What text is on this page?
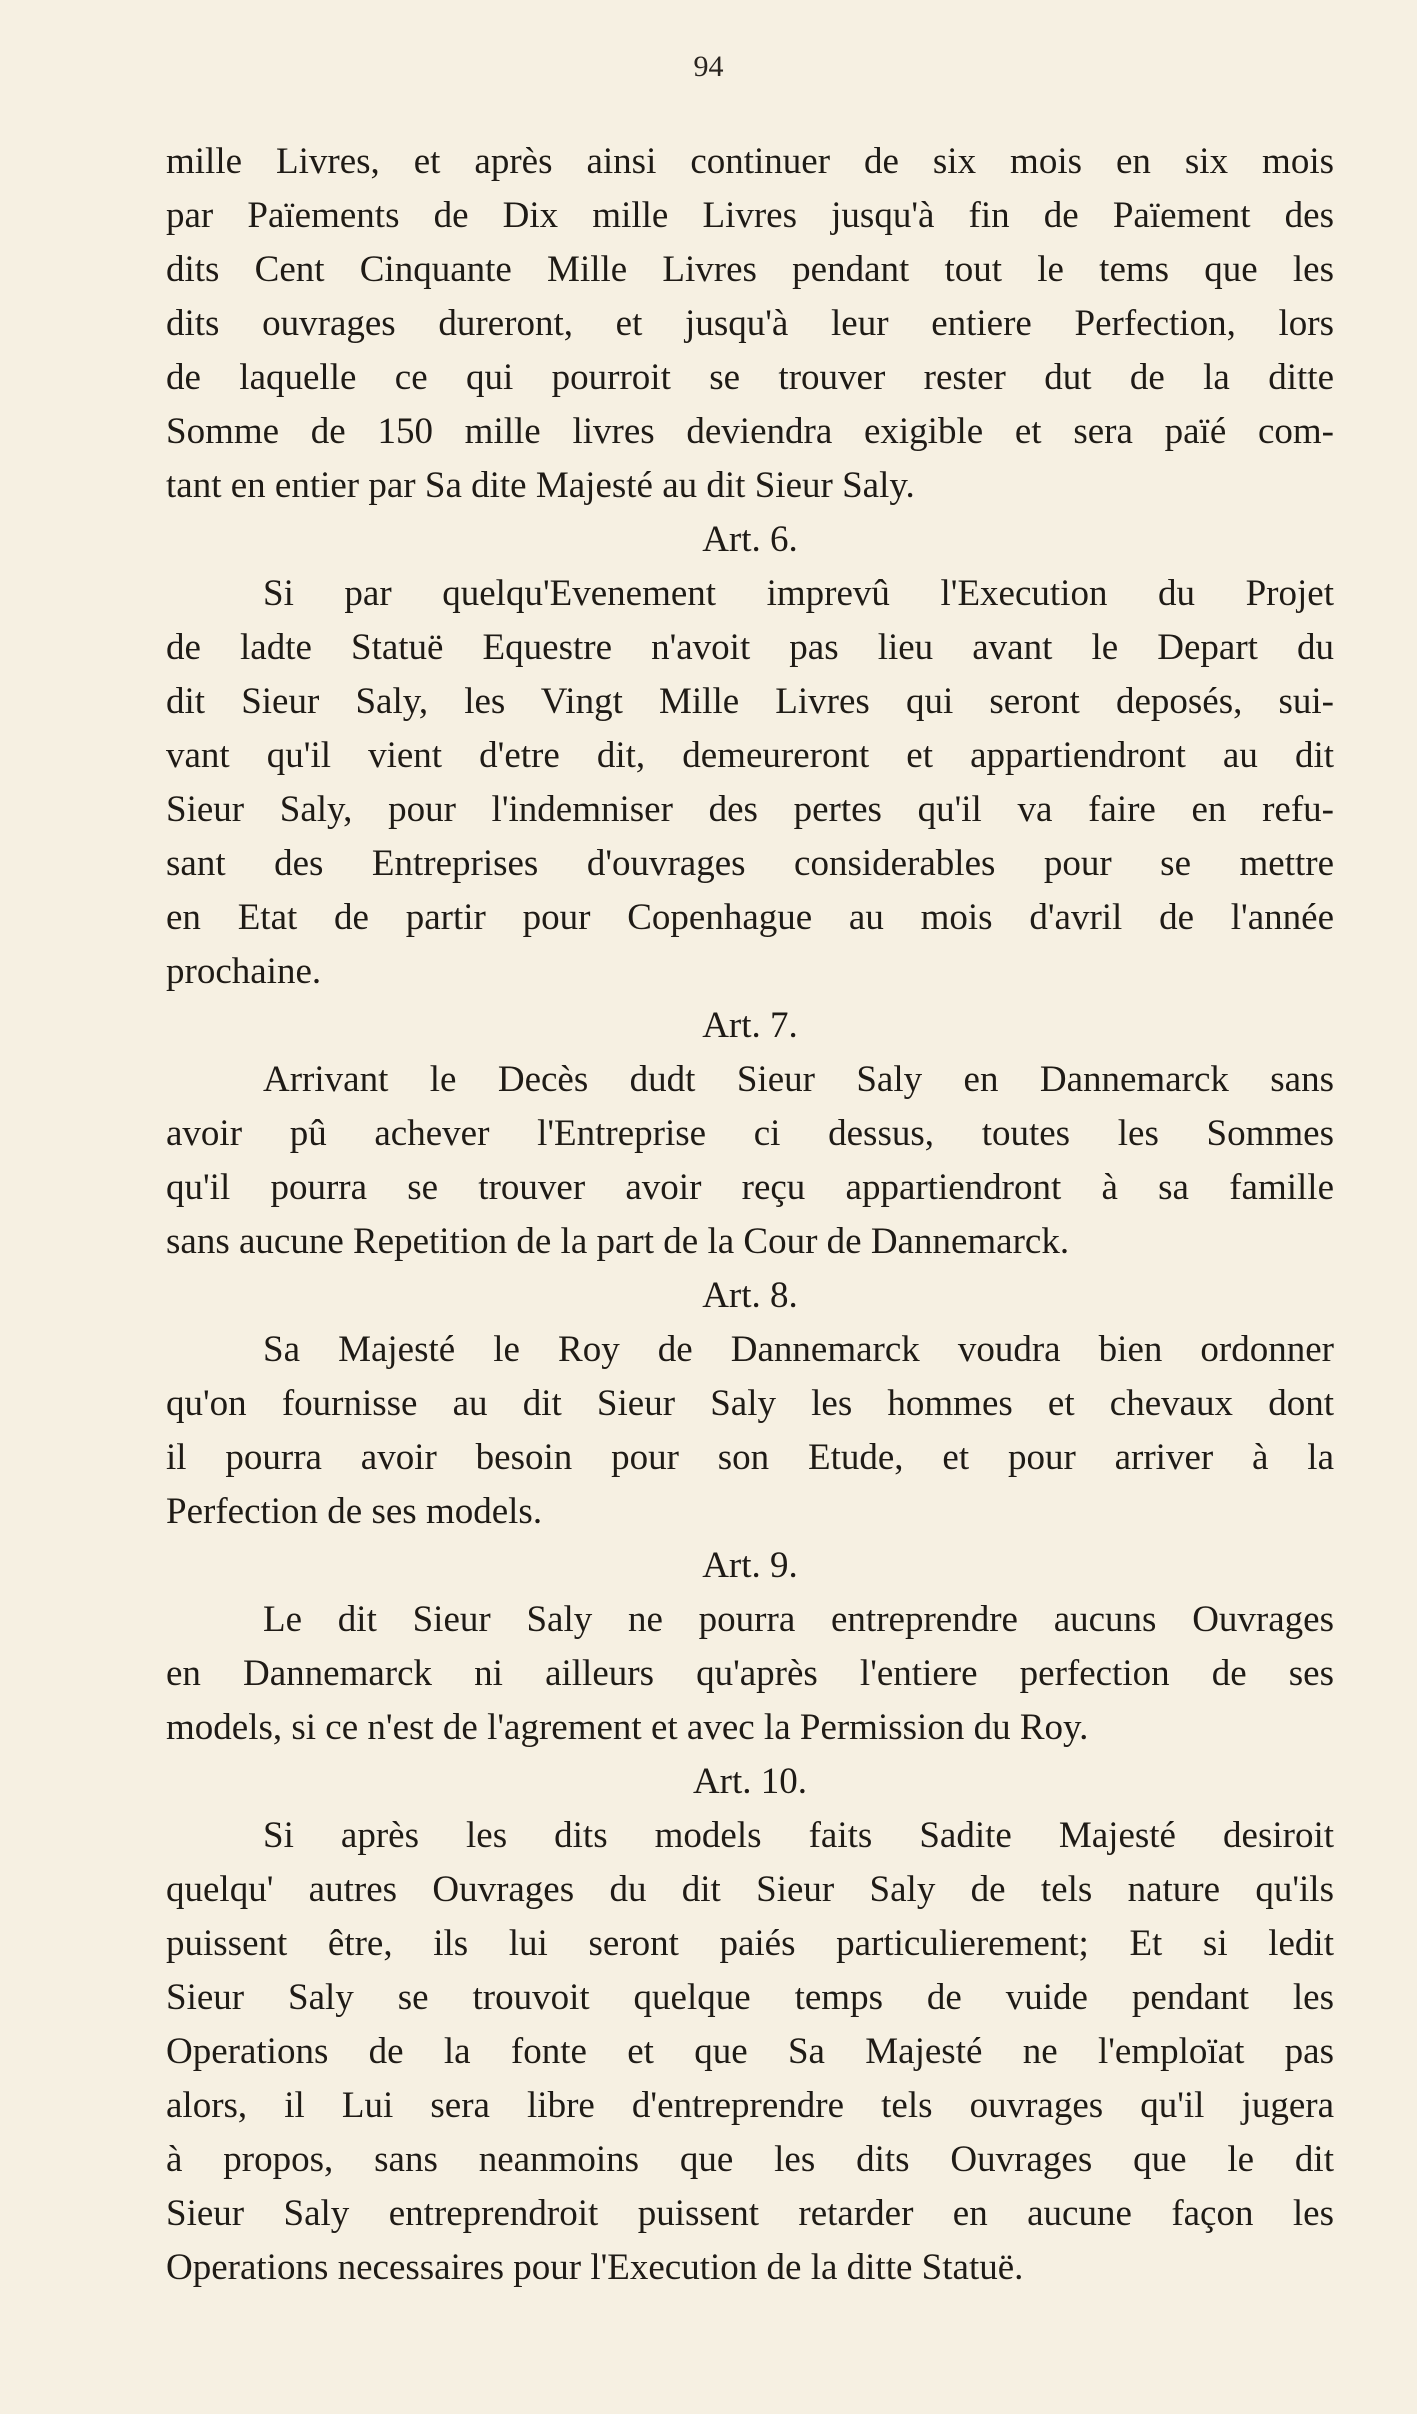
94
mille Livres, et après ainsi continuer de six mois en six mois
par Païements de Dix mille Livres jusqu'à fin de Païement des
dits Cent Cinquante Mille Livres pendant tout le tems que les
dits ouvrages dureront, et jusqu'à leur entiere Perfection, lors
de laquelle ce qui pourroit se trouver rester dut de la ditte
Somme de 150 mille livres deviendra exigible et sera païé com-
tant en entier par Sa dite Majesté au dit Sieur Saly.
Art. 6.
Si par quelqu'Evenement imprevû l'Execution du Projet
de ladte Statuë Equestre n'avoit pas lieu avant le Depart du
dit Sieur Saly, les Vingt Mille Livres qui seront deposés, sui-
vant qu'il vient d'etre dit, demeureront et appartiendront au dit
Sieur Saly, pour l'indemniser des pertes qu'il va faire en refu-
sant des Entreprises d'ouvrages considerables pour se mettre
en Etat de partir pour Copenhague au mois d'avril de l'année
prochaine.
Art. 7.
Arrivant le Decès dudt Sieur Saly en Dannemarck sans
avoir pû achever l'Entreprise ci dessus, toutes les Sommes
qu'il pourra se trouver avoir reçu appartiendront à sa famille
sans aucune Repetition de la part de la Cour de Dannemarck.
Art. 8.
Sa Majesté le Roy de Dannemarck voudra bien ordonner
qu'on fournisse au dit Sieur Saly les hommes et chevaux dont
il pourra avoir besoin pour son Etude, et pour arriver à la
Perfection de ses models.
Art. 9.
Le dit Sieur Saly ne pourra entreprendre aucuns Ouvrages
en Dannemarck ni ailleurs qu'après l'entiere perfection de ses
models, si ce n'est de l'agrement et avec la Permission du Roy.
Art. 10.
Si après les dits models faits Sadite Majesté desiroit
quelqu' autres Ouvrages du dit Sieur Saly de tels nature qu'ils
puissent être, ils lui seront paiés particulierement; Et si ledit
Sieur Saly se trouvoit quelque temps de vuide pendant les
Operations de la fonte et que Sa Majesté ne l'emploïat pas
alors, il Lui sera libre d'entreprendre tels ouvrages qu'il jugera
à propos, sans neanmoins que les dits Ouvrages que le dit
Sieur Saly entreprendroit puissent retarder en aucune façon les
Operations necessaires pour l'Execution de la ditte Statuë.
